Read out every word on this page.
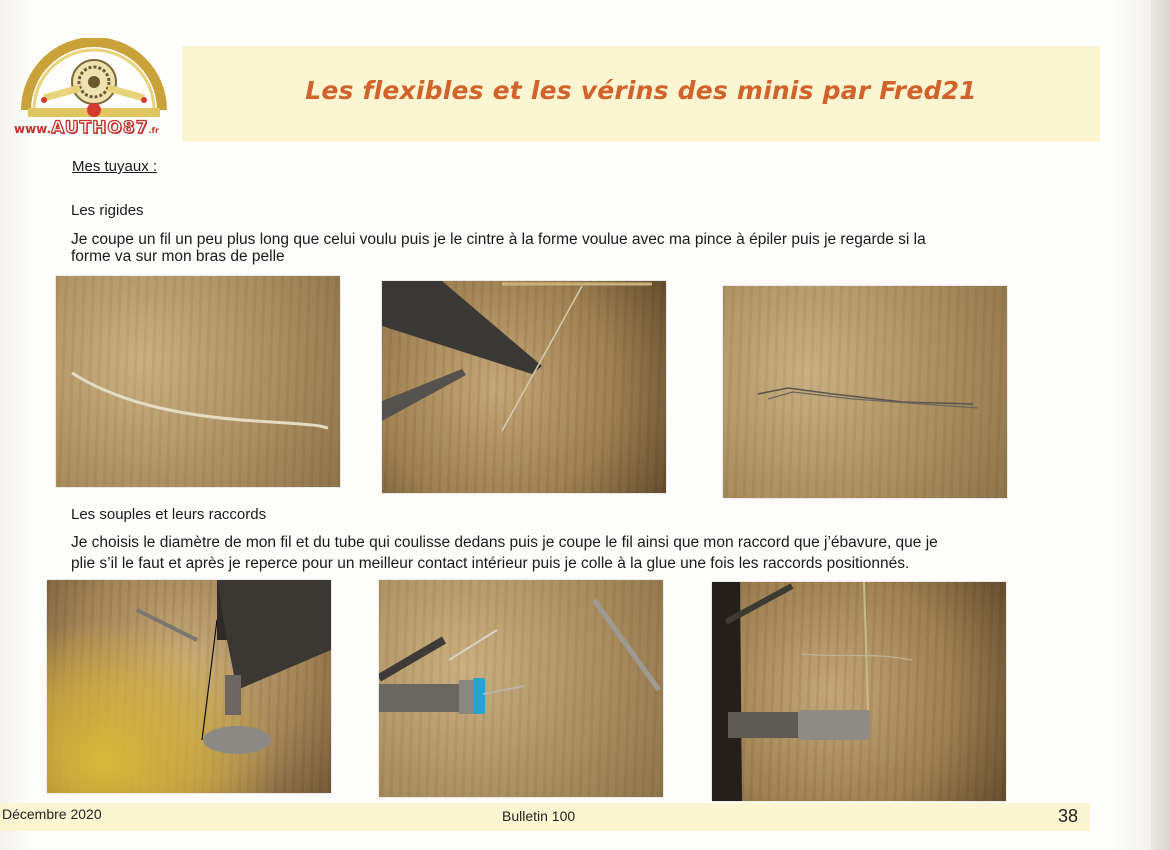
Les flexibles et les vérins des minis par Fred21
www.AUTHO87.fr
Mes tuyaux :
Les rigides
Je coupe un fil un peu plus long que celui voulu puis je le cintre à la forme voulue avec ma pince à épiler puis je regarde si la
forme va sur mon bras de pelle
Les souples et leurs raccords
Je choisis le diamètre de mon fil et du tube qui coulisse dedans puis je coupe le fil ainsi que mon raccord que j’ébavure, que je
plie s’il le faut et après je reperce pour un meilleur contact intérieur puis je colle à la glue une fois les raccords positionnés.
Décembre 2020	Bulletin 100	38
